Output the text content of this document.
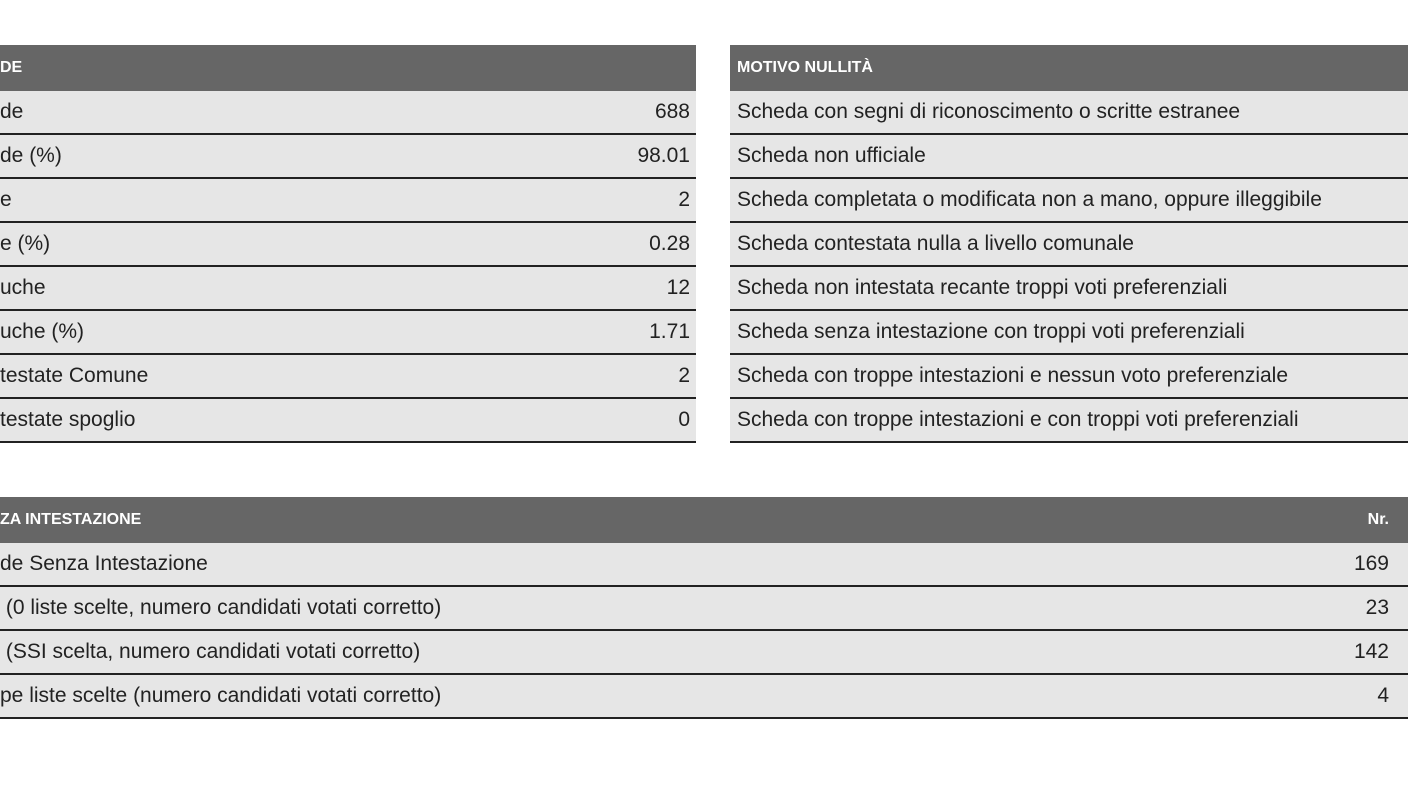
DE
de	688
de (%)	98.01
e	2
e (%)	0.28
uche	12
uche (%)	1.71
testate Comune	2
testate spoglio	0
MOTIVO NULLITÀ
Scheda con segni di riconoscimento o scritte estranee
Scheda non ufficiale
Scheda completata o modificata non a mano, oppure illeggibile
Scheda contestata nulla a livello comunale
Scheda non intestata recante troppi voti preferenziali
Scheda senza intestazione con troppi voti preferenziali
Scheda con troppe intestazioni e nessun voto preferenziale
Scheda con troppe intestazioni e con troppi voti preferenziali
ZA INTESTAZIONE	Nr.
de Senza Intestazione	169
(0 liste scelte, numero candidati votati corretto)	23
(SSI scelta, numero candidati votati corretto)	142
pe liste scelte (numero candidati votati corretto)	4
